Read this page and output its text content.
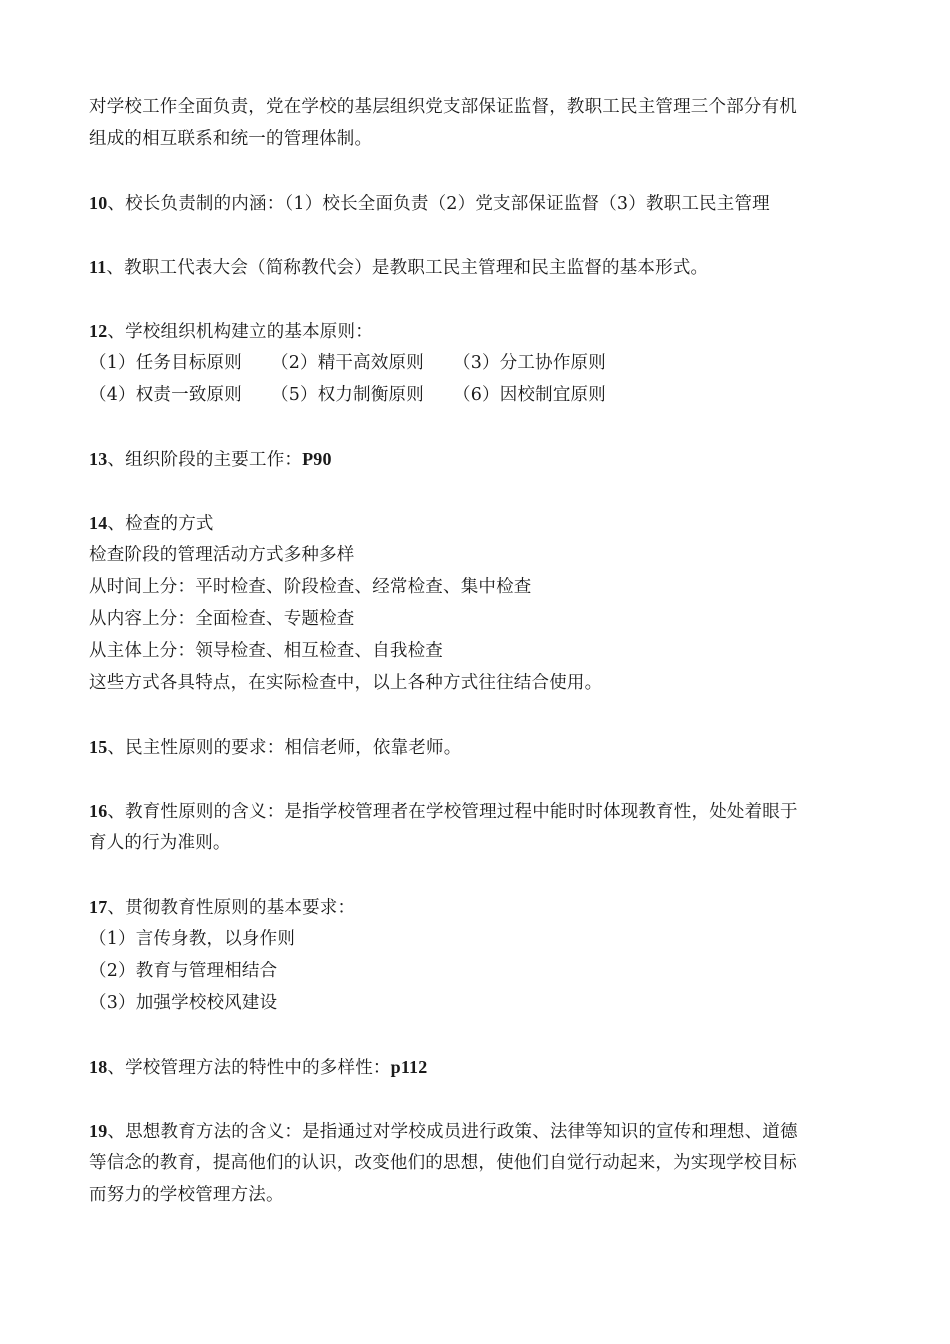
对学校工作全面负责，党在学校的基层组织党支部保证监督，教职工民主管理三个部分有机
组成的相互联系和统一的管理体制。
10、校长负责制的内涵：（1）校长全面负责（2）党支部保证监督（3）教职工民主管理
11、教职工代表大会（简称教代会）是教职工民主管理和民主监督的基本形式。
12、学校组织机构建立的基本原则：
（1）任务目标原则	（2）精干高效原则	（3）分工协作原则
（4）权责一致原则	（5）权力制衡原则	（6）因校制宜原则
13、组织阶段的主要工作：P90
14、检查的方式
检查阶段的管理活动方式多种多样
从时间上分：平时检查、阶段检查、经常检查、集中检查
从内容上分：全面检查、专题检查
从主体上分：领导检查、相互检查、自我检查
这些方式各具特点，在实际检查中，以上各种方式往往结合使用。
15、民主性原则的要求：相信老师，依靠老师。
16、教育性原则的含义：是指学校管理者在学校管理过程中能时时体现教育性，处处着眼于
育人的行为准则。
17、贯彻教育性原则的基本要求：
（1）言传身教，以身作则
（2）教育与管理相结合
（3）加强学校校风建设
18、学校管理方法的特性中的多样性：p112
19、思想教育方法的含义：是指通过对学校成员进行政策、法律等知识的宣传和理想、道德
等信念的教育，提高他们的认识，改变他们的思想，使他们自觉行动起来，为实现学校目标
而努力的学校管理方法。
